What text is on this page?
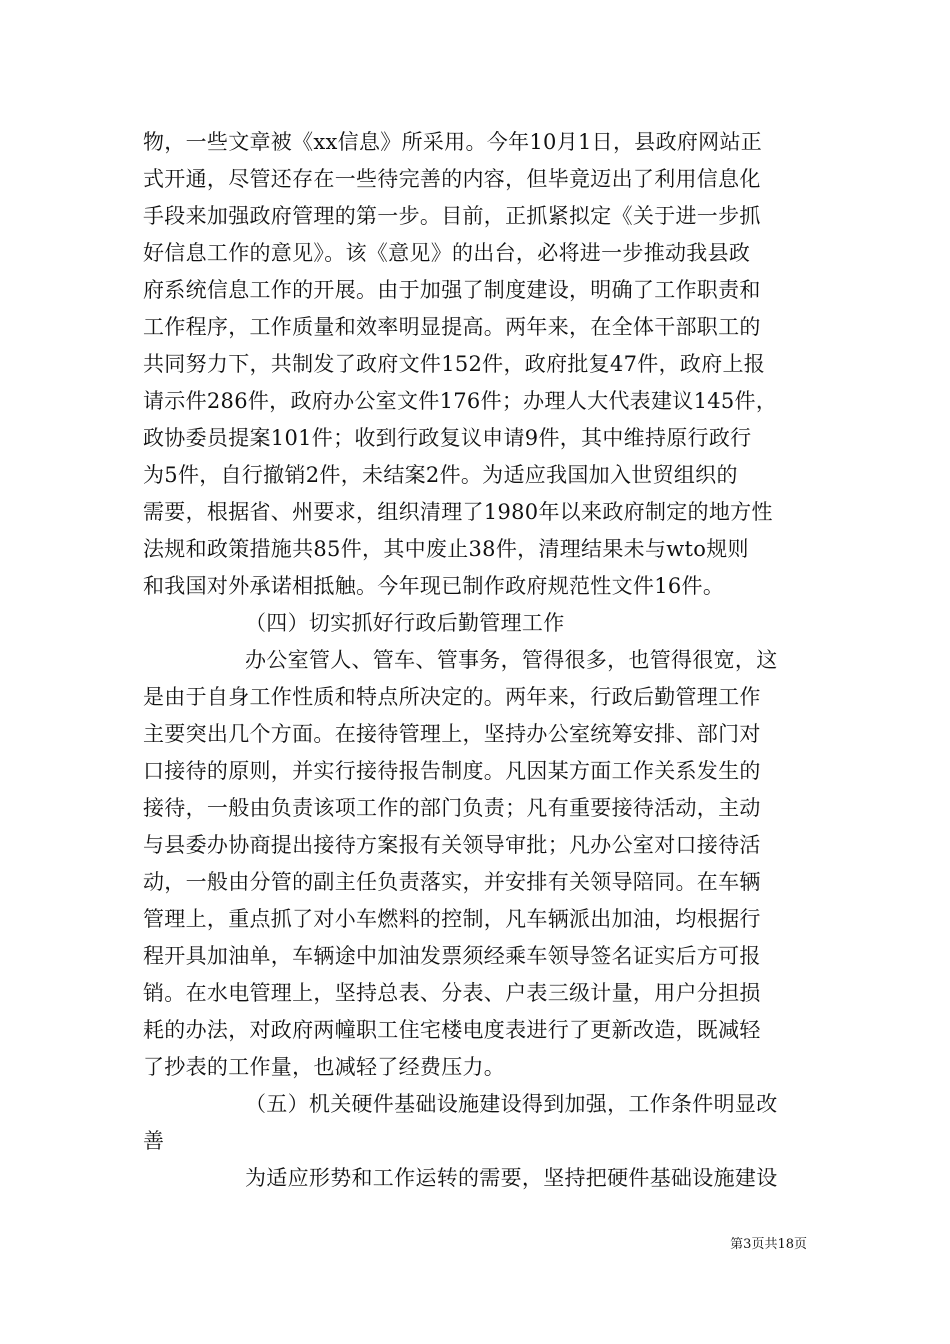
物，一些文章被《xx信息》所采用。今年10月1日，县政府网站正
式开通，尽管还存在一些待完善的内容，但毕竟迈出了利用信息化
手段来加强政府管理的第一步。目前，正抓紧拟定《关于进一步抓
好信息工作的意见》。该《意见》的出台，必将进一步推动我县政
府系统信息工作的开展。由于加强了制度建设，明确了工作职责和
工作程序，工作质量和效率明显提高。两年来，在全体干部职工的
共同努力下，共制发了政府文件152件，政府批复47件，政府上报
请示件286件，政府办公室文件176件；办理人大代表建议145件，
政协委员提案101件；收到行政复议申请9件，其中维持原行政行
为5件，自行撤销2件，未结案2件。为适应我国加入世贸组织的
需要，根据省、州要求，组织清理了1980年以来政府制定的地方性
法规和政策措施共85件，其中废止38件，清理结果未与wto规则
和我国对外承诺相抵触。今年现已制作政府规范性文件16件。
（四）切实抓好行政后勤管理工作
办公室管人、管车、管事务，管得很多，也管得很宽，这
是由于自身工作性质和特点所决定的。两年来，行政后勤管理工作
主要突出几个方面。在接待管理上，坚持办公室统筹安排、部门对
口接待的原则，并实行接待报告制度。凡因某方面工作关系发生的
接待，一般由负责该项工作的部门负责；凡有重要接待活动，主动
与县委办协商提出接待方案报有关领导审批；凡办公室对口接待活
动，一般由分管的副主任负责落实，并安排有关领导陪同。在车辆
管理上，重点抓了对小车燃料的控制，凡车辆派出加油，均根据行
程开具加油单，车辆途中加油发票须经乘车领导签名证实后方可报
销。在水电管理上，坚持总表、分表、户表三级计量，用户分担损
耗的办法，对政府两幢职工住宅楼电度表进行了更新改造，既减轻
了抄表的工作量，也减轻了经费压力。
（五）机关硬件基础设施建设得到加强，工作条件明显改
善
为适应形势和工作运转的需要，坚持把硬件基础设施建设
第3页共18页
